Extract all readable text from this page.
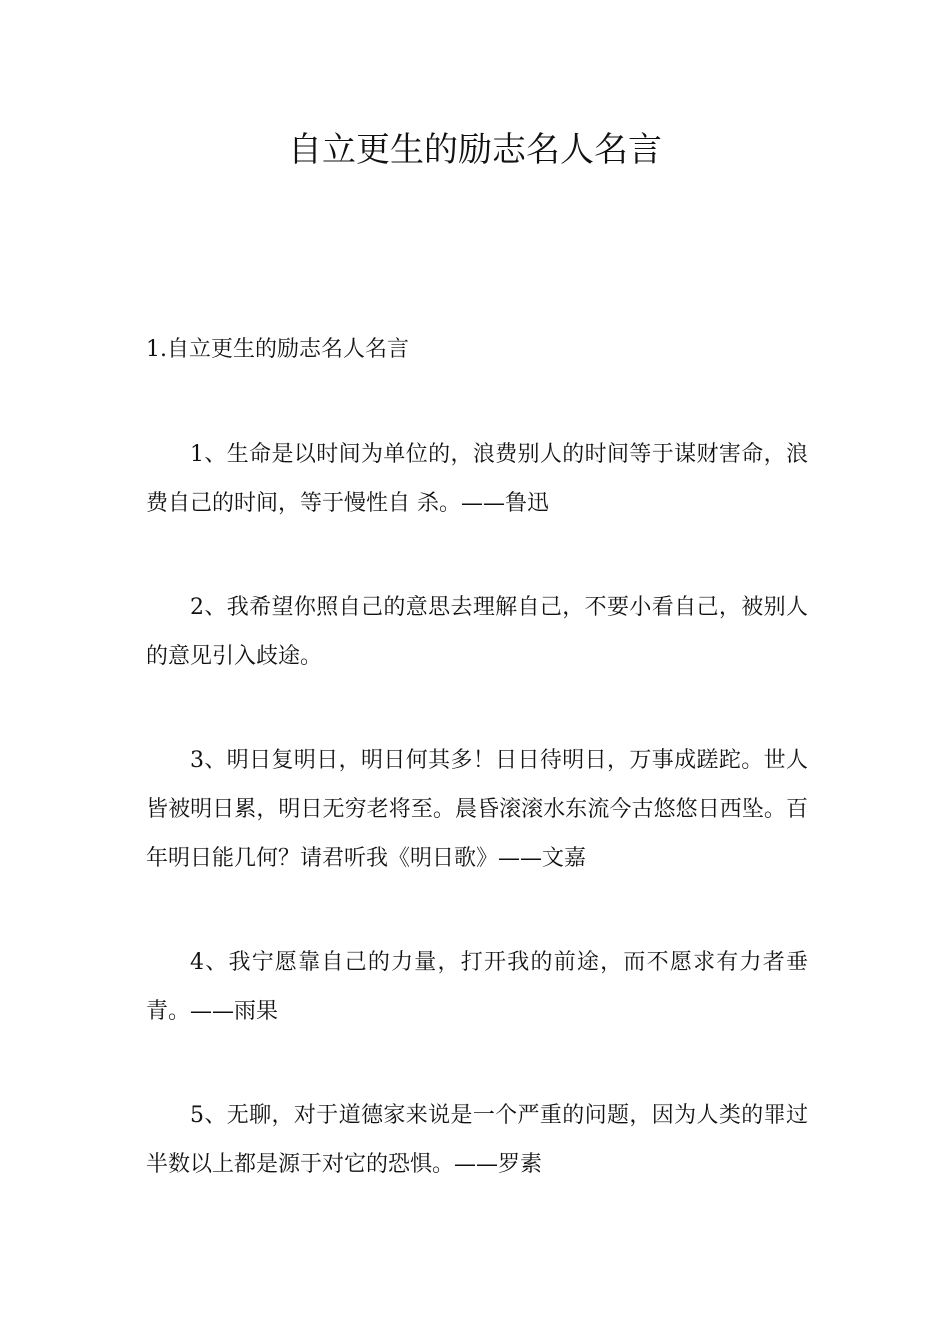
自立更生的励志名人名言
1.自立更生的励志名人名言
1、生命是以时间为单位的，浪费别人的时间等于谋财害命，浪费自己的时间，等于慢性自 杀。——鲁迅
2、我希望你照自己的意思去理解自己，不要小看自己，被别人的意见引入歧途。
3、明日复明日，明日何其多！日日待明日，万事成蹉跎。世人皆被明日累，明日无穷老将至。晨昏滚滚水东流今古悠悠日西坠。百年明日能几何？请君听我《明日歌》——文嘉
4、我宁愿靠自己的力量，打开我的前途，而不愿求有力者垂青。——雨果
5、无聊，对于道德家来说是一个严重的问题，因为人类的罪过半数以上都是源于对它的恐惧。——罗素
